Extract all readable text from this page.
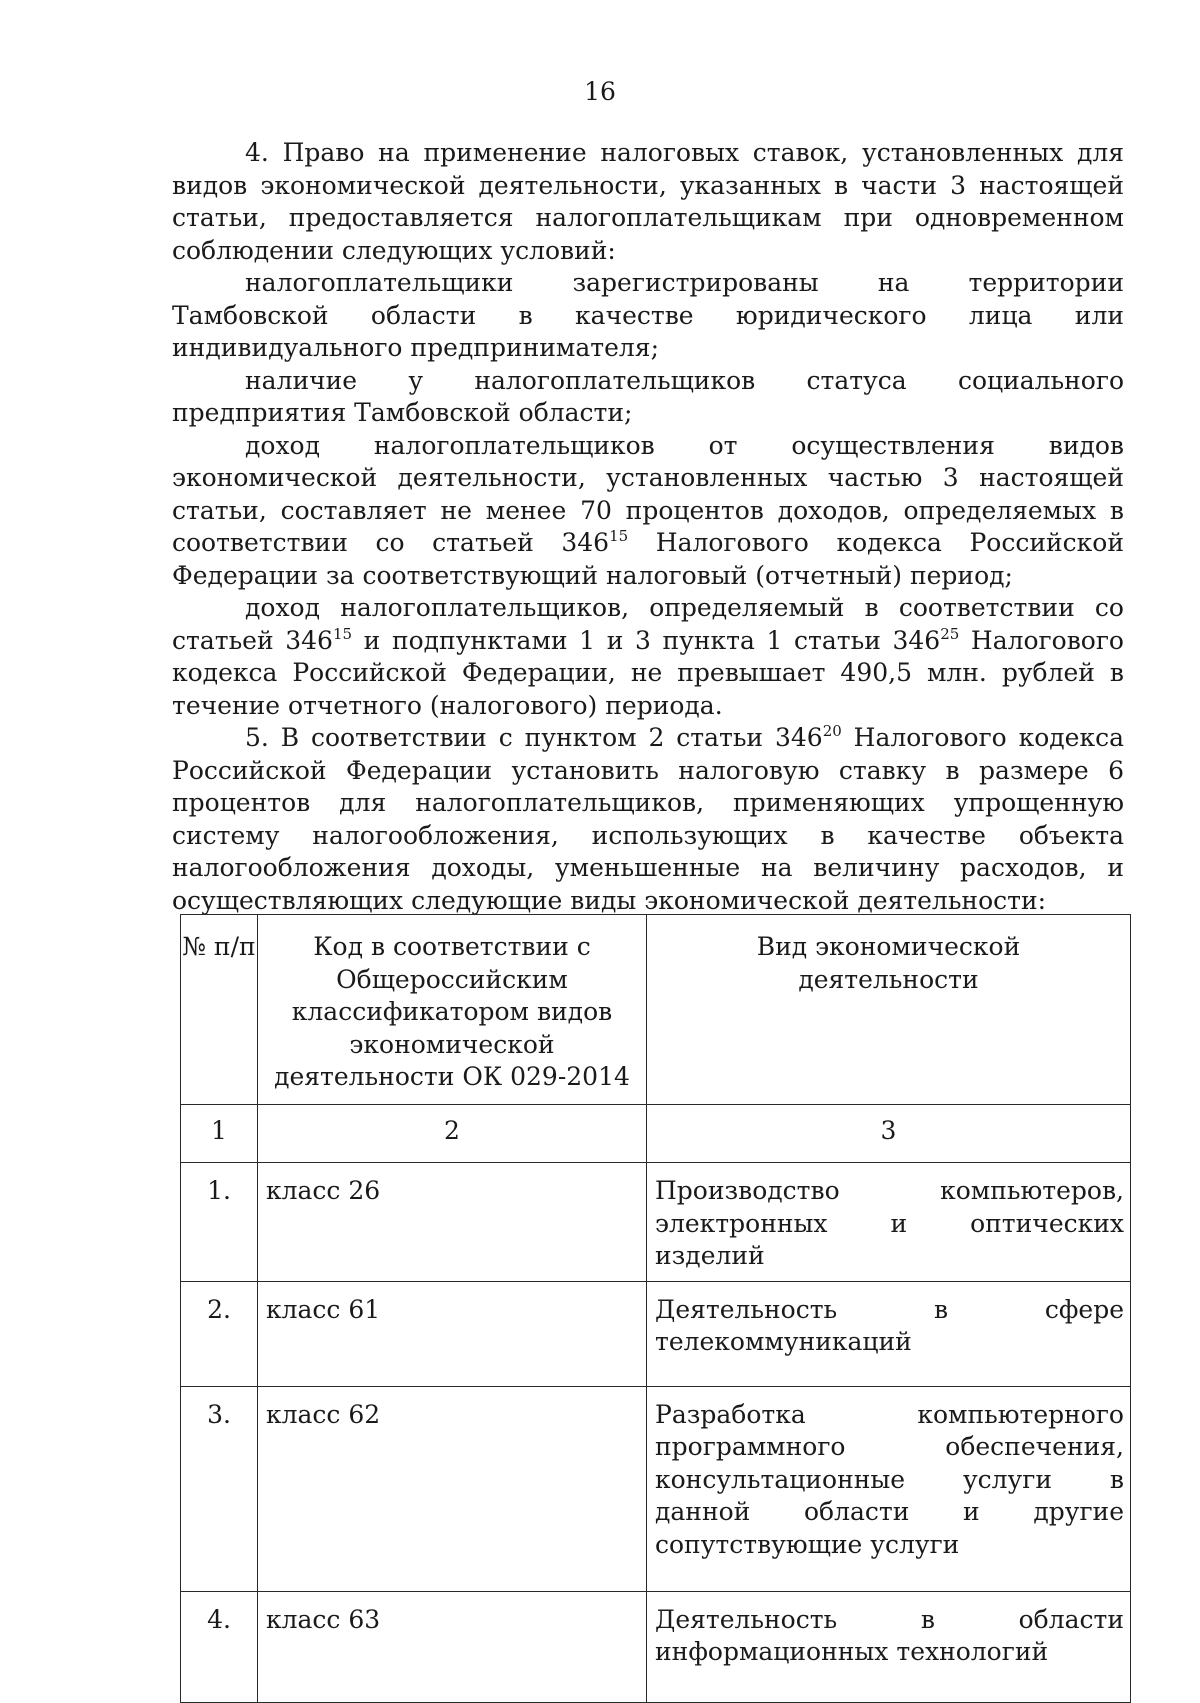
16

4. Право на применение налоговых ставок, установленных для видов экономической деятельности, указанных в части 3 настоящей статьи, предоставляется налогоплательщикам при одновременном соблюдении следующих условий:

налогоплательщики зарегистрированы на территории Тамбовской области в качестве юридического лица или индивидуального предпринимателя;

наличие у налогоплательщиков статуса социального предприятия Тамбовской области;

доход налогоплательщиков от осуществления видов экономической деятельности, установленных частью 3 настоящей статьи, составляет не менее 70 процентов доходов, определяемых в соответствии со статьей $346^{15}$ Налогового кодекса Российской Федерации за соответствующий налоговый (отчетный) период;

доход налогоплательщиков, определяемый в соответствии со статьей $346^{15}$ и подпунктами 1 и 3 пункта 1 статьи $346^{25}$ Налогового кодекса Российской Федерации, не превышает 490,5 млн. рублей в течение отчетного (налогового) периода.

5. В соответствии с пунктом 2 статьи $346^{20}$ Налогового кодекса Российской Федерации установить налоговую ставку в размере 6 процентов для налогоплательщиков, применяющих упрощенную систему налогообложения, использующих в качестве объекта налогообложения доходы, уменьшенные на величину расходов, и осуществляющих следующие виды экономической деятельности:

№ п/п	Код в соответствии с Общероссийским классификатором видов экономической деятельности ОК 029-2014	Вид экономической деятельности
1	2	3
1.	класс 26	Производство компьютеров, электронных и оптических изделий
2.	класс 61	Деятельность в сфере телекоммуникаций
3.	класс 62	Разработка компьютерного программного обеспечения, консультационные услуги в данной области и другие сопутствующие услуги
4.	класс 63	Деятельность в области информационных технологий
